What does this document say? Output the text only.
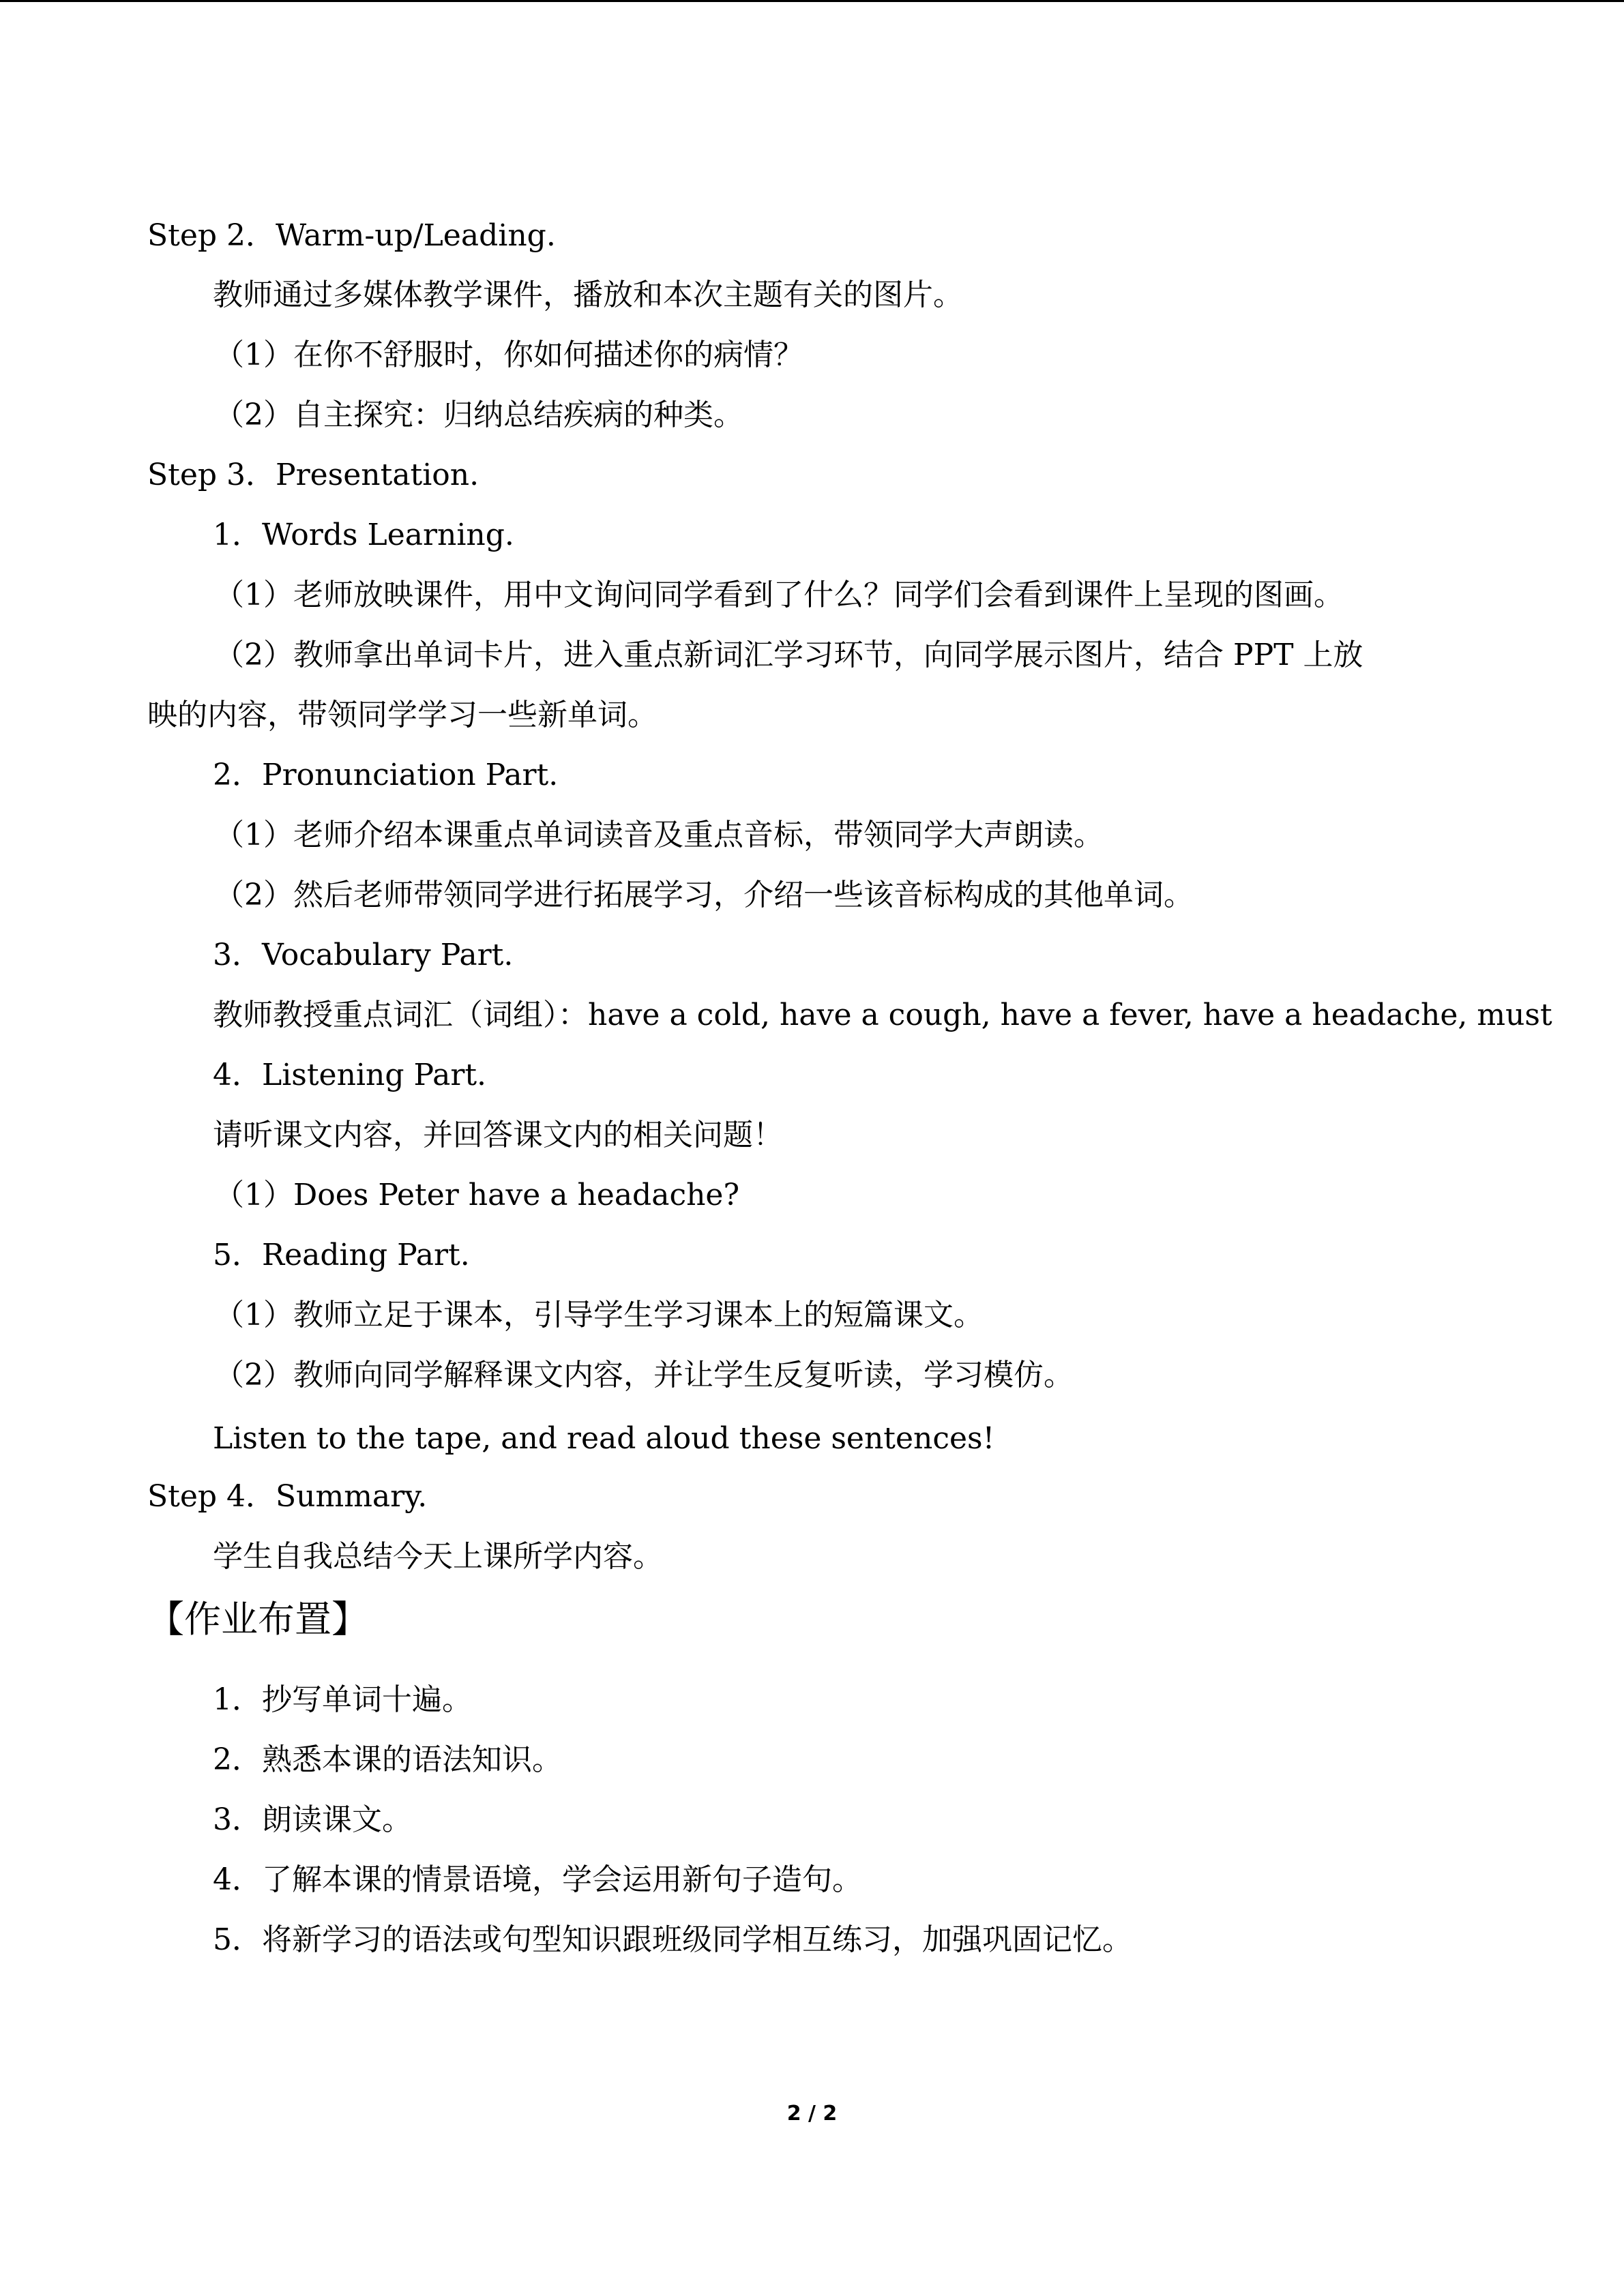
Step 2．Warm-up/Leading.
教师通过多媒体教学课件，播放和本次主题有关的图片。
（1）在你不舒服时，你如何描述你的病情？
（2）自主探究：归纳总结疾病的种类。
Step 3．Presentation.
1．Words Learning.
（1）老师放映课件，用中文询问同学看到了什么？同学们会看到课件上呈现的图画。
（2）教师拿出单词卡片，进入重点新词汇学习环节，向同学展示图片，结合 PPT 上放
映的内容，带领同学学习一些新单词。
2．Pronunciation Part.
（1）老师介绍本课重点单词读音及重点音标，带领同学大声朗读。
（2）然后老师带领同学进行拓展学习，介绍一些该音标构成的其他单词。
3．Vocabulary Part.
教师教授重点词汇（词组）：have a cold, have a cough, have a fever, have a headache, must
4．Listening Part.
请听课文内容，并回答课文内的相关问题！
（1）Does Peter have a headache?
5．Reading Part.
（1）教师立足于课本，引导学生学习课本上的短篇课文。
（2）教师向同学解释课文内容，并让学生反复听读，学习模仿。
Listen to the tape, and read aloud these sentences!
Step 4．Summary.
学生自我总结今天上课所学内容。
【作业布置】
1．抄写单词十遍。
2．熟悉本课的语法知识。
3．朗读课文。
4．了解本课的情景语境，学会运用新句子造句。
5．将新学习的语法或句型知识跟班级同学相互练习，加强巩固记忆。
2 / 2
